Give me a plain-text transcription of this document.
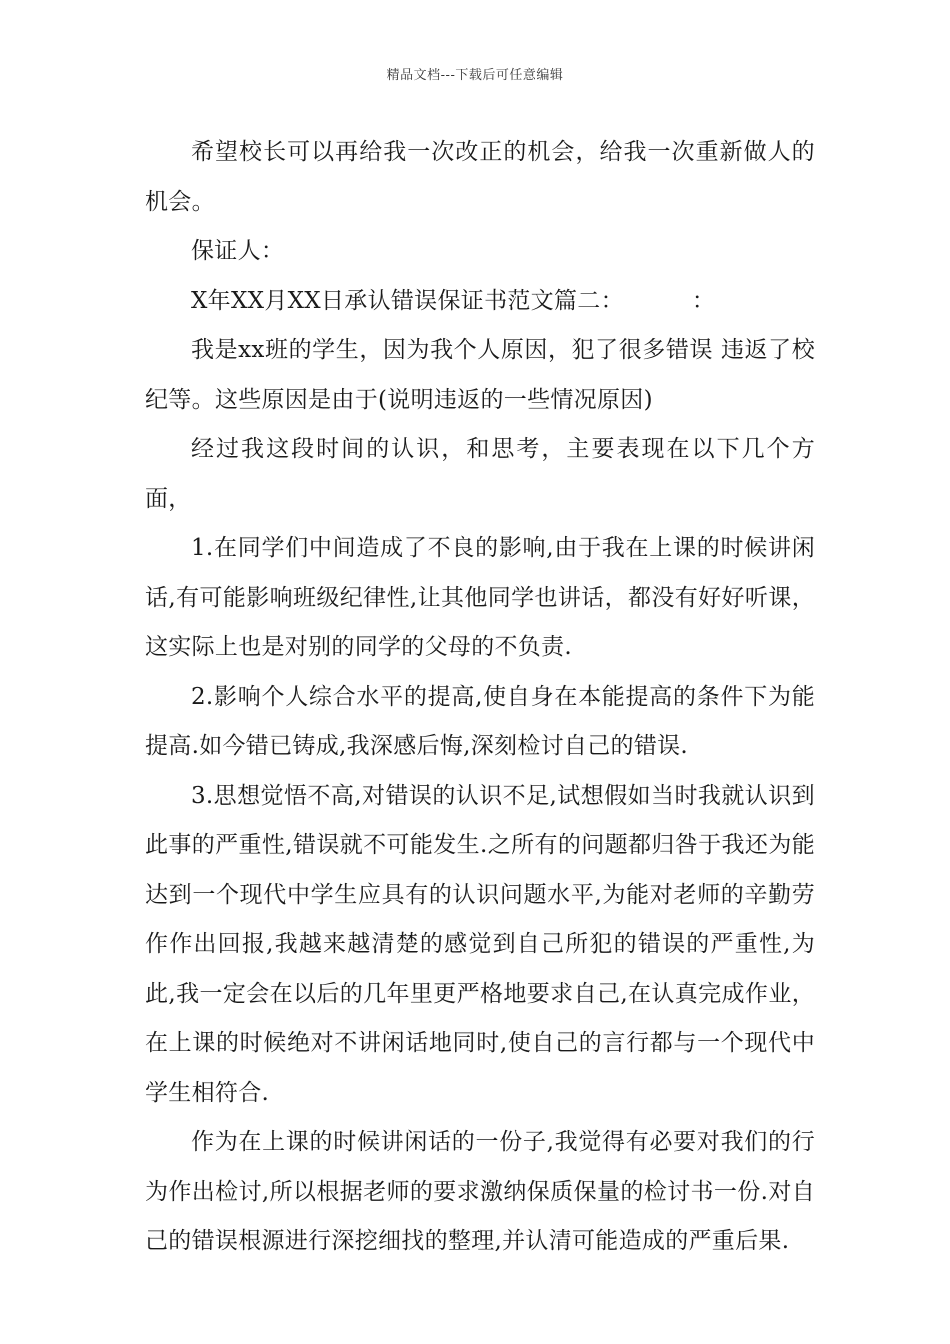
精品文档---下载后可任意编辑

希望校长可以再给我一次改正的机会，给我一次重新做人的机会。

保证人：

X年XX月XX日承认错误保证书范文篇二：	：

我是xx班的学生，因为我个人原因，犯了很多错误 违返了校纪等。这些原因是由于(说明违返的一些情况原因)

经过我这段时间的认识，和思考，主要表现在以下几个方面，

1.在同学们中间造成了不良的影响,由于我在上课的时候讲闲话,有可能影响班级纪律性,让其他同学也讲话，都没有好好听课，这实际上也是对别的同学的父母的不负责.

2.影响个人综合水平的提高,使自身在本能提高的条件下为能提高.如今错已铸成,我深感后悔,深刻检讨自己的错误.

3.思想觉悟不高,对错误的认识不足,试想假如当时我就认识到此事的严重性,错误就不可能发生.之所有的问题都归咎于我还为能达到一个现代中学生应具有的认识问题水平,为能对老师的辛勤劳作作出回报,我越来越清楚的感觉到自己所犯的错误的严重性,为此,我一定会在以后的几年里更严格地要求自己,在认真完成作业，在上课的时候绝对不讲闲话地同时,使自己的言行都与一个现代中学生相符合.

作为在上课的时候讲闲话的一份子,我觉得有必要对我们的行为作出检讨,所以根据老师的要求激纳保质保量的检讨书一份.对自己的错误根源进行深挖细找的整理,并认清可能造成的严重后果.
